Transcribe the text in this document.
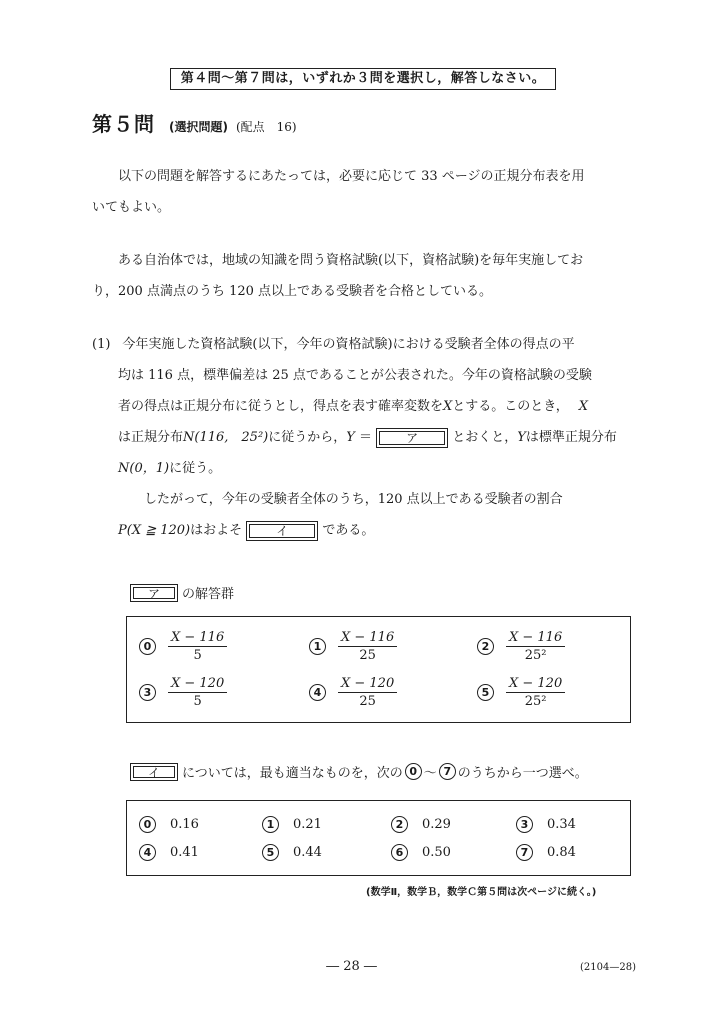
第４問～第７問は，いずれか３問を選択し，解答しなさい。
第５問 (選択問題) (配点　16)
以下の問題を解答するにあたっては，必要に応じて 33 ページの正規分布表を用
いてもよい。
ある自治体では，地域の知識を問う資格試験(以下，資格試験)を毎年実施してお
り，200 点満点のうち 120 点以上である受験者を合格としている。
(1) 今年実施した資格試験(以下，今年の資格試験)における受験者全体の得点の平
均は 116 点，標準偏差は 25 点であることが公表された。今年の資格試験の受験
者の得点は正規分布に従うとし，得点を表す確率変数をXとする。このとき， X
は正規分布N(116,　25²)に従うから，Y ＝	ア	とおくと，Yは標準正規分布
N(0，1)に従う。
したがって，今年の受験者全体のうち，120 点以上である受験者の割合
P(X ≧ 120)はおよそ	イ	である。
ア	の解答群
0	$\frac{X - 116}{5}$	1	$\frac{X - 116}{25}$	2	$\frac{X - 116}{\text{25²}}$
3	$\frac{X - 120}{5}$	4	$\frac{X - 120}{25}$	5	$\frac{X - 120}{\text{25²}}$
イ	については，最も適当なものを，次の 0 ～ 7 のうちから一つ選べ。
0	0.16	1	0.21	2	0.29	3	0.34
4	0.41	5	0.44	6	0.50	7	0.84
(数学Ⅱ，数学Ｂ，数学Ｃ第５問は次ページに続く。)
― 28 ―	(2104—28)
